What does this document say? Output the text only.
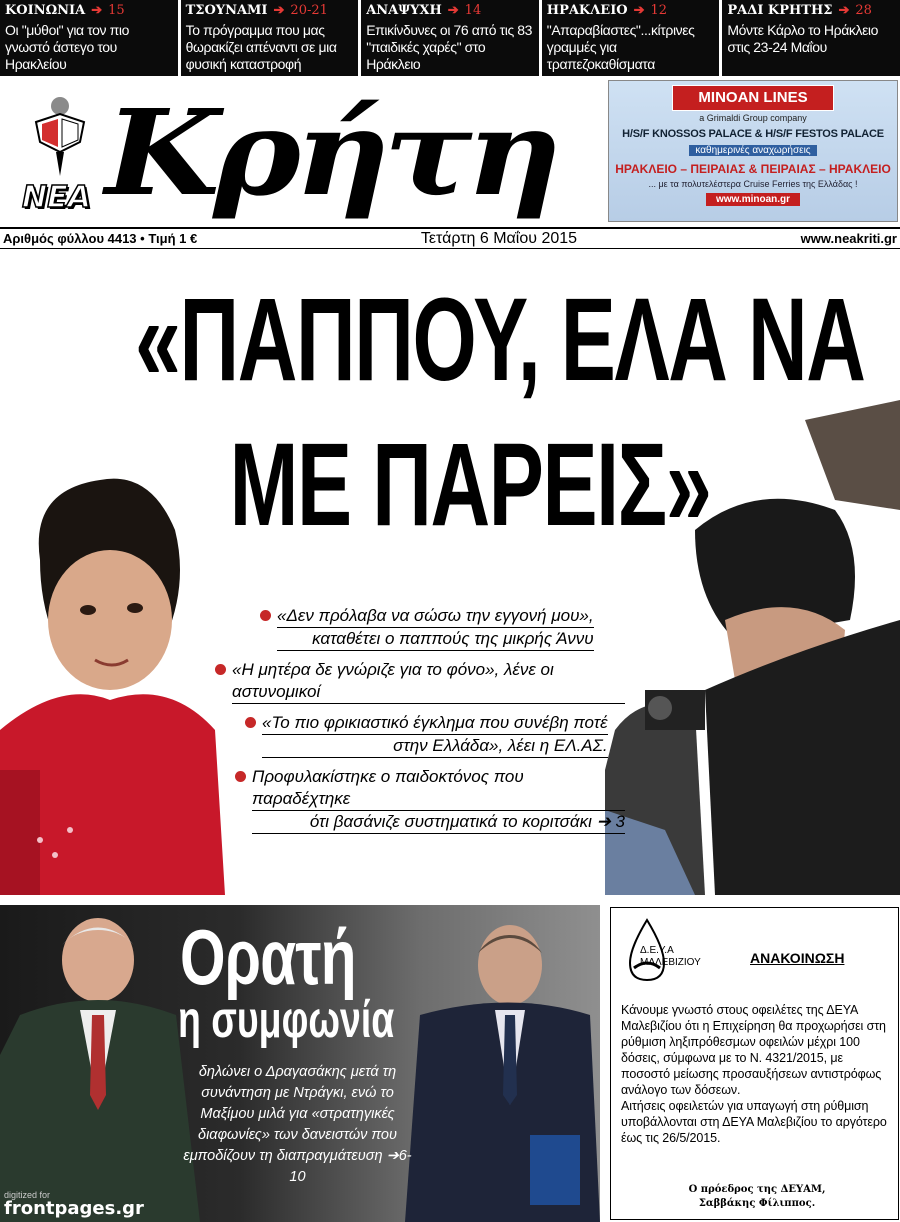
ΚΟΙΝΩΝΙΑ ➔ 15
Οι "μύθοι" για τον πιο γνωστό άστεγο του Ηρακλείου
ΤΣΟΥΝΑΜΙ ➔ 20-21
Το πρόγραμμα που μας θωρακίζει απέναντι σε μια φυσική καταστροφή
ΑΝΑΨΥΧΗ ➔ 14
Επικίνδυνες οι 76 από τις 83 "παιδικές χαρές" στο Ηράκλειο
ΗΡΑΚΛΕΙΟ ➔ 12
"Απαραβίαστες"...κίτρινες γραμμές για τραπεζοκαθίσματα
ΡΑΔΙ ΚΡΗΤΗΣ ➔ 28
Μόντε Κάρλο το Ηράκλειο στις 23-24 Μαΐου
ΝΕΑ Κρήτη	MINOAN LINES
a Grimaldi Group company
H/S/F KNOSSOS PALACE & H/S/F FESTOS PALACE
καθημερινές αναχωρήσεις
ΗΡΑΚΛΕΙΟ – ΠΕΙΡΑΙΑΣ & ΠΕΙΡΑΙΑΣ – ΗΡΑΚΛΕΙΟ
... με τα πολυτελέστερα Cruise Ferries της Ελλάδας !
www.minoan.gr
Αριθμός φύλλου 4413 • Τιμή 1 €	Τετάρτη 6 Μαΐου 2015	www.neakriti.gr
«ΠΑΠΠΟΥ, ΕΛΑ ΝΑ
ΜΕ ΠΑΡΕΙΣ»
«Δεν πρόλαβα να σώσω την εγγονή μου»,
καταθέτει ο παππούς της μικρής Άννυ
«Η μητέρα δε γνώριζε για το φόνο», λένε οι αστυνομικοί
«Το πιο φρικιαστικό έγκλημα που συνέβη ποτέ
στην Ελλάδα», λέει η ΕΛ.ΑΣ.
Προφυλακίστηκε ο παιδοκτόνος που παραδέχτηκε
ότι βασάνιζε συστηματικά το κοριτσάκι ➔ 3
Ορατή
η συμφωνία
δηλώνει ο Δραγασάκης μετά τη συνάντηση με Ντράγκι, ενώ το Μαξίμου μιλά για «στρατηγικές διαφωνίες» των δανειστών που εμποδίζουν τη διαπραγμάτευση ➔6-10
digitized for
frontpages.gr
Δ.Ε.Υ.Α
ΜΑΛΕΒΙΖΙΟΥ	ΑΝΑΚΟΙΝΩΣΗ
Κάνουμε γνωστό στους οφειλέτες της ΔΕΥΑ Μαλεβιζίου ότι η Επιχείρηση θα προχωρήσει στη ρύθμιση ληξιπρόθεσμων οφειλών μέχρι 100 δόσεις, σύμφωνα με το Ν. 4321/2015, με ποσοστό μείωσης προσαυξήσεων αντιστρόφως ανάλογο των δόσεων.
Αιτήσεις οφειλετών για υπαγωγή στη ρύθμιση υποβάλλονται στη ΔΕΥΑ Μαλεβιζίου το αργότερο έως τις 26/5/2015.
Ο πρόεδρος της ΔΕΥΑΜ,
Σαββάκης Φίλιππος.
